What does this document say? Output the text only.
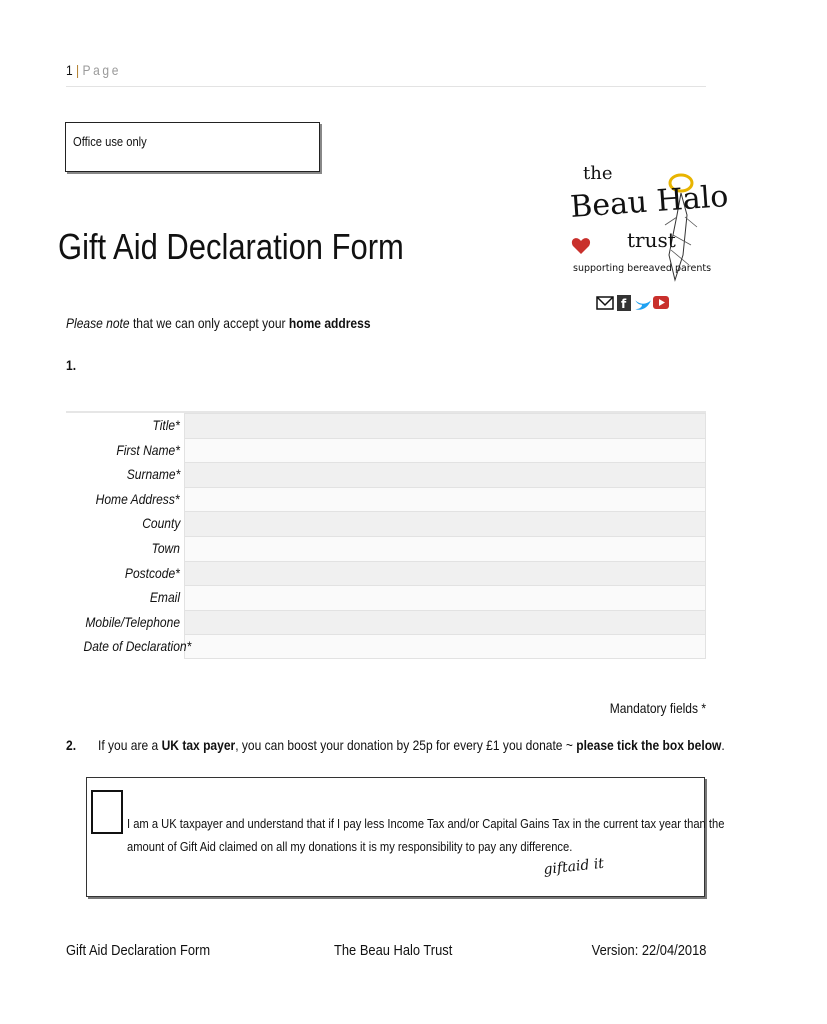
1 | Page
Office use only
Gift Aid Declaration Form
the
Beau Halo
trust
supporting bereaved parents
f
Please note that we can only accept your home address
1.
Title*
First Name*
Surname*
Home Address*
County
Town
Postcode*
Email
Mobile/Telephone
Date of Declaration*
Mandatory fields *
2. If you are a UK tax payer, you can boost your donation by 25p for every £1 you donate ~ please tick the box below.
I am a UK taxpayer and understand that if I pay less Income Tax and/or Capital Gains Tax in the current tax year than the
amount of Gift Aid claimed on all my donations it is my responsibility to pay any difference.
giftaid it
Gift Aid Declaration Form	The Beau Halo Trust	Version: 22/04/2018
